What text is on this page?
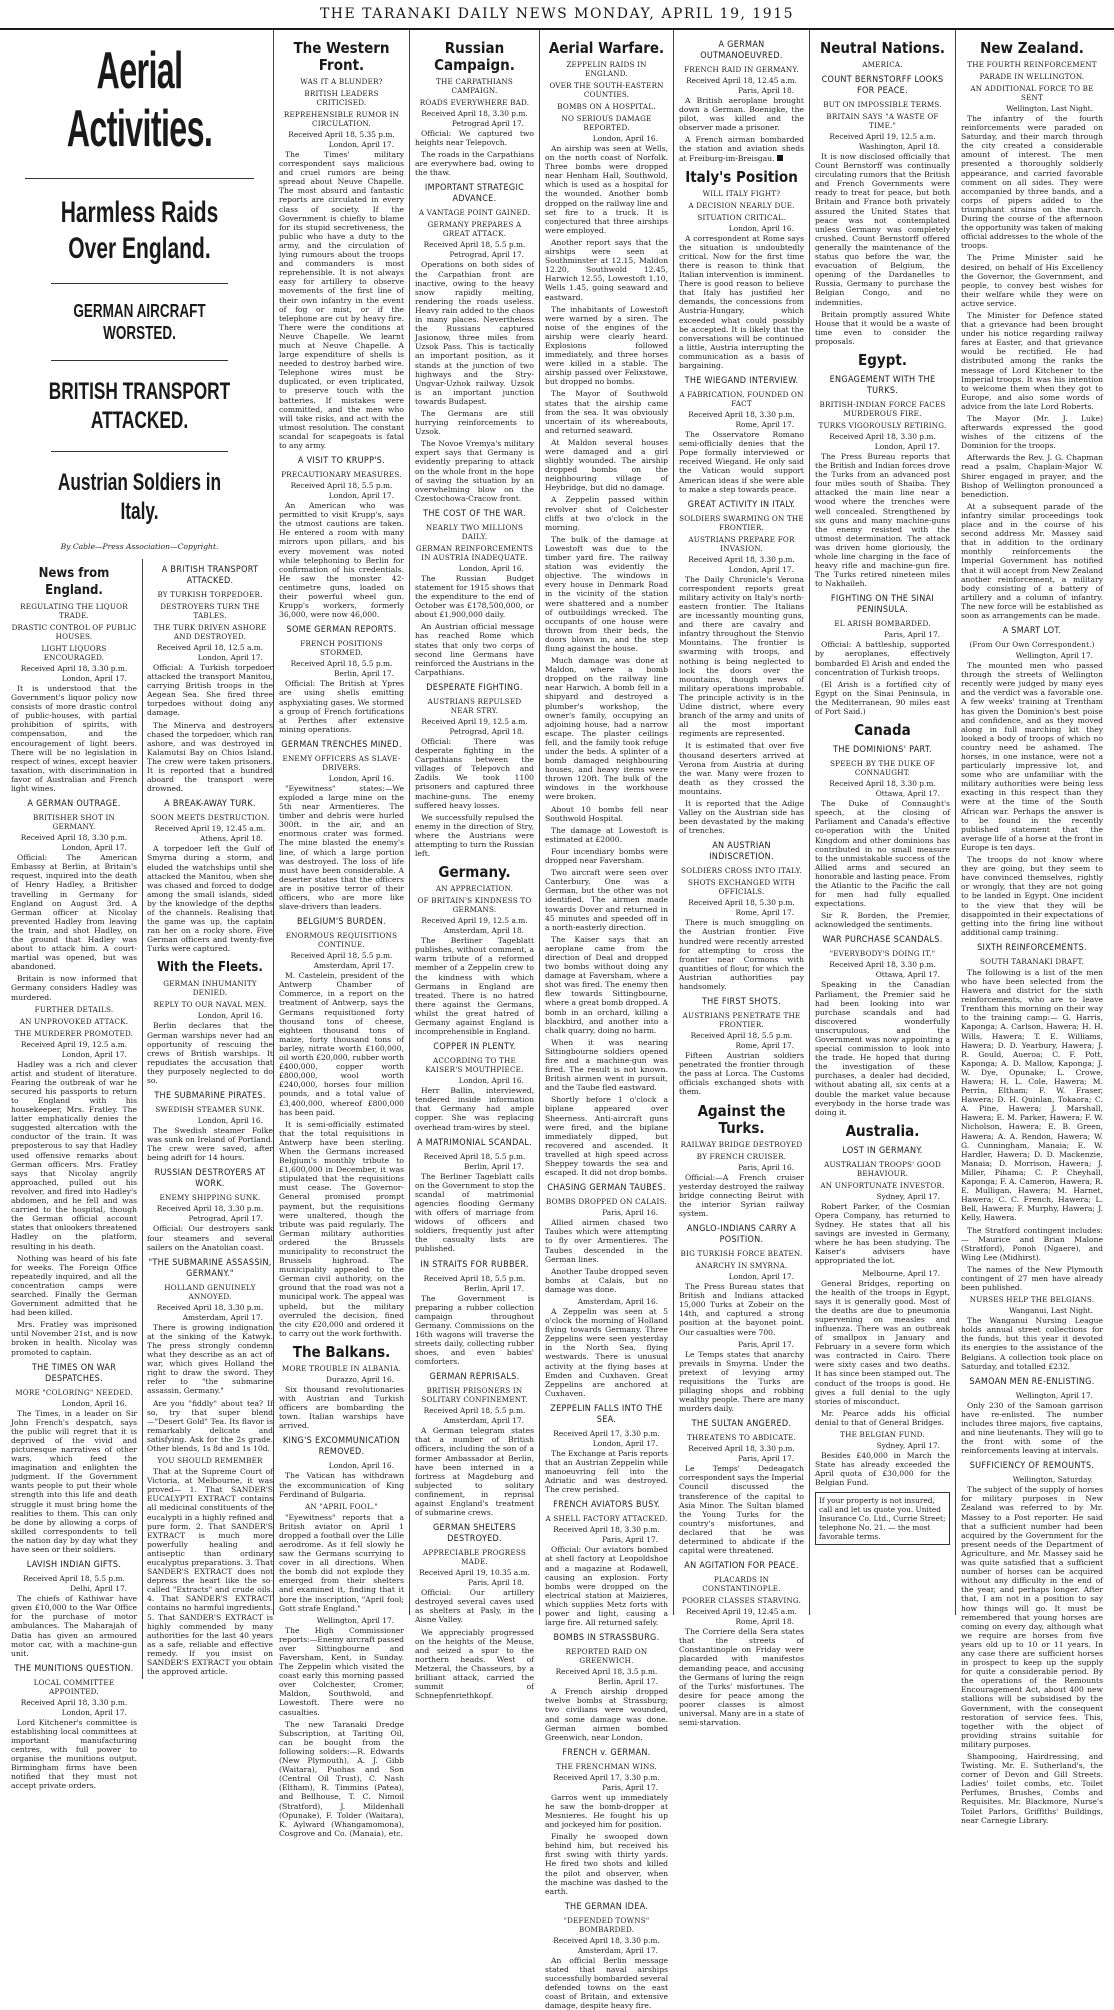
THE TARANAKI DAILY NEWS MONDAY, APRIL 19, 1915
Aerial Activities.
Harmless Raids Over England.
GERMAN AIRCRAFT WORSTED.
BRITISH TRANSPORT ATTACKED.
Austrian Soldiers in Italy.
By Cable—Press Association—Copyright.
News from England.
REGULATING THE LIQUOR TRADE.
DRASTIC CONTROL OF PUBLIC HOUSES.
LIGHT LIQUORS ENCOURAGED.
Received April 18, 3.30 p.m.
London, April 17.

It is understood that the Government's liquor policy now consists of more drastic control of public-houses, with partial prohibition of spirits, with compensation, and the encouragement of light beers. There will be no legislation in respect of wines, except heavier taxation, with discrimination in favor of Australian and French light wines.

A GERMAN OUTRAGE.
BRITISHER SHOT IN GERMANY.
Received April 18, 3.30 p.m.
London, April 17.

Official: The American Embassy at Berlin, at Britain's request, inquired into the death of Henry Hadley, a Britisher travelling in Germany for England on August 3rd. A German officer at Nicolay prevented Hadley from leaving the train, and shot Hadley, on the ground that Hadley was about to attack him. A court-martial was opened, but was abandoned.

Britain is now informed that Germany considers Hadley was murdered.

FURTHER DETAILS.
AN UNPROVOKED ATTACK.
THE MURDERER PROMOTED.
Received April 19, 12.5 a.m.
London, April 17.

Hadley was a rich and clever artist and student of literature. Fearing the outbreak of war he secured his passports to return to England with his housekeeper, Mrs. Fratley. The latter emphatically denies the suggested altercation with the conductor of the train. It was preposterous to say that Hadley used offensive remarks about German officers. Mrs. Fratley says that Nicolay angrily approached, pulled out his revolver, and fired into Hadley's abdomen, and he fell and was carried to the hospital, though the German official account states that onlookers threatened Hadley on the platform, resulting in his death.

Nothing was heard of his fate for weeks. The Foreign Office repeatedly inquired, and all the concentration camps were searched. Finally the German Government admitted that he had been killed.

Mrs. Fratley was imprisoned until November 21st, and is now broken in health. Nicolay was promoted to captain.

THE TIMES ON WAR DESPATCHES.
MORE "COLORING" NEEDED.
London, April 16.

The Times, in a leader on Sir John French's despatch, says the public will regret that it is deprived of the vivid and picturesque narratives of other wars, which feed the imagination and enlighten the judgment. If the Government wants people to put their whole strength into this life and death struggle it must bring home the realities to them. This can only be done by allowing a corps of skilled correspondents to tell the nation day by day what they have seen or their soldiers.

LAVISH INDIAN GIFTS.
Received April 18, 5.5 p.m.
Delhi, April 17.

The chiefs of Kathiwar have given £10,000 to the War Office for the purchase of motor ambulances. The Maharajah of Datia has given an armoured motor car, with a machine-gun unit.

THE MUNITIONS QUESTION.
LOCAL COMMITTEE APPOINTED.
Received April 18, 3.30 p.m.
London, April 17.

Lord Kitchener's committee is establishing local committees at important manufacturing centres, with full power to organise the munitions output. Birmingham firms have been notified that they must not accept private orders.

A BRITISH TRANSPORT ATTACKED.
BY TURKISH TORPEDOER.
DESTROYERS TURN THE TABLES.
THE TURK DRIVEN ASHORE AND DESTROYED.
Received April 18, 12.5 a.m.
London, April 17.

Official: A Turkish torpedoer attacked the transport Manitou, carrying British troops in the Aegean Sea. She fired three torpedoes without doing any damage.

The Minerva and destroyers chased the torpedoer, which ran ashore, and was destroyed in Kalamutsi Bay on Chios Island. The crew were taken prisoners. It is reported that a hundred aboard the transport were drowned.

A BREAK-AWAY TURK.
SOON MEETS DESTRUCTION.
Received April 19, 12.45 a.m.
Athens, April 18.

A torpedoer left the Gulf of Smyrna during a storm, and eluded the watchships until she attacked the Manitou, when she was chased and forced to dodge among the small islands, sided by the knowledge of the depths of the channels. Realising that the game was up, the captain ran her on a rocky shore. Five German officers and twenty-five Turks were captured.

With the Fleets.
GERMAN INHUMANITY DENIED.
REPLY TO OUR NAVAL MEN.
London, April 16.

Berlin declares that the German warships never had an opportunity of rescuing the crews of British warships. It repudiates the accusation that they purposely neglected to do so.

THE SUBMARINE PIRATES.
SWEDISH STEAMER SUNK.
London, April 16.

The Swedish steamer Folke was sunk on Ireland of Portland. The crew were saved, after being adrift for 14 hours.

RUSSIAN DESTROYERS AT WORK.
ENEMY SHIPPING SUNK.
Received April 18, 3.30 p.m.
Petrograd, April 17.

Official: Our destroyers sank four steamers and several sailers on the Anatolian coast.

"THE SUBMARINE ASSASSIN, GERMANY."
HOLLAND GENUINELY ANNOYED.
Received April 18, 3.30 p.m.
Amsterdam, April 17.

There is growing indignation at the sinking of the Katwyk. The press strongly condemn what they describe as an act of war, which gives Holland the right to draw the sword. They refer to "the submarine assassin, Germany."

Are you "fiddly" about tea? If so, try that super blend—"Desert Gold" Tea. Its flavor is remarkably delicate and satisfying. Ask for the 2s grade. Other blends, 1s 8d and 1s 10d.

YOU SHOULD REMEMBER

That at the Supreme Court of Victoria, at Melbourne, it was proved— 1. That SANDER'S EUCALYPTI EXTRACT contains all medicinal constituents of the eucalypti in a highly refined and pure form. 2. That SANDER'S EXTRACT is much more powerfully healing and antiseptic than ordinary eucalyptus preparations. 3. That SANDER'S EXTRACT does not depress the heart like the so-called "Extracts" and crude oils. 4. That SANDER'S EXTRACT contains no harmful ingredients. 5. That SANDER'S EXTRACT is highly commended by many authorities for the last 40 years as a safe, reliable and effective remedy. If you insist on SANDER'S EXTRACT you obtain the approved article.

The Western Front.
WAS IT A BLUNDER?
BRITISH LEADERS CRITICISED.
REPREHENSIBLE RUMOR IN CIRCULATION.
Received April 18, 5.35 p.m.
London, April 17.

The Times' military correspondent says malicious and cruel rumors are being spread about Neuve Chapelle. The most absurd and fantastic reports are circulated in every class of society. If the Government is chiefly to blame for its stupid secretiveness, the public who have a duty to the army, and the circulation of lying rumours about the troops and commanders is most reprehensible. It is not always easy for artillery to observe movements of the first line of their own infantry in the event of fog or mist, or if the telephone are cut by heavy fire. There were the conditions at Neuve Chapelle. We learnt much at Neuve Chapelle. A large expenditure of shells is needed to destroy barbed wire. Telephone wires must be duplicated, or even triplicated, to preserve touch with the batteries. If mistakes were committed, and the men who will take risks, and act with the utmost resolution. The constant scandal for scapegoats is fatal to any army.

A VISIT TO KRUPP'S.
PRECAUTIONARY MEASURES.
Received April 18, 5.5 p.m.
London, April 17.

An American who was permitted to visit Krupp's, says the utmost cautions are taken. He entered a room with many mirrors upon pillars, and his every movement was noted while telephoning to Berlin for confirmation of his credentials. He saw the monster 42-centimetre guns, loaded on their powerful wheel gun. Krupp's workers, formerly 36,000, were now 46,000.

SOME GERMAN REPORTS.
FRENCH POSITIONS STORMED.
Received April 18, 5.5 p.m.
Berlin, April 17.

Official: The British at Ypres are using shells emitting asphyxiating gases. We stormed a group of French fortifications at Perthes after extensive mining operations.

GERMAN TRENCHES MINED.
ENEMY OFFICERS AS SLAVE-DRIVERS.
London, April 16.

"Eyewitness" states:—We exploded a large mine on the 5th near Armentieres. The timber and debris were hurled 300ft. in the air, and an enormous crater was formed. The mine blasted the enemy's line, of which a large portion was destroyed. The loss of life must have been considerable. A deserter states that the officers are in positive terror of their officers, who are more like slave-drivers than leaders.

BELGIUM'S BURDEN.
ENORMOUS REQUISITIONS CONTINUE.
Received April 18, 5.5 p.m.
Amsterdam, April 17.

M. Castelein, president of the Antwerp Chamber of Commerce, in a report on the treatment of Antwerp, says the Germans requisitioned forty thousand tons of cheese, eighteen thousand tons of maize, forty thousand tons of barley, nitrate worth £160,000, oil worth £20,000, rubber worth £400,000, copper worth £800,000, wool worth £240,000, horses four million pounds, and a total value of £3,400,000, whereof £800,000 has been paid.

It is semi-officially estimated that the total requisitions in Antwerp have been sterling. When the Germans increased Belgium's monthly tribute to £1,600,000 in December, it was stipulated that the requisitions must cease. The Governor-General promised prompt payment, but the requisitions were unaltered, though the tribute was paid regularly. The German military authorities ordered the Brussels municipality to reconstruct the Brussels highroad. The municipality appealed to the German civil authority, on the ground that the road was not a municipal work. The appeal was upheld, but the military overruled the decision, fined the city £20,000 and ordered it to carry out the work forthwith.

The Balkans.
MORE TROUBLE IN ALBANIA.
Durazzo, April 16.

Six thousand revolutionaries with Austrian and Turkish officers are bombarding the town. Italian warships have arrived.

KING'S EXCOMMUNICATION REMOVED.
London, April 16.

The Vatican has withdrawn the excommunication of King Ferdinand of Bulgaria.

AN "APRIL FOOL."

"Eyewitness" reports that a British aviator on April 1 dropped a football over the Lille aerodrome. As it fell slowly he saw the Germans scurrying to cover in all directions. When the bomb did not explode they emerged from their shelters and examined it, finding that it bore the inscription, "April fool; Gott strafe England."

Wellington, April 17.

The High Commissioner reports:—Enemy aircraft passed over Sittingbourne and Faversham, Kent, in Sunday. The Zeppelin which visited the coast early this morning passed over Colchester, Cromer, Maldon, Southwold, and Lowestoft. There were no casualties.

The new Taranaki Dredge Subscription, at Tariting Oil, can be bought from the following solders:—R. Edwards (New Plymouth), A. J. Gibb (Waitara), Puohas and Son (Central Oil Trust), C. Nash (Eltham), R. Timmins (Patea), and Bellhouse, T. C. Nimoil (Stratford), J. Mildenhall (Opunake), F. Tolder (Waitara), K. Aylward (Whangamomona), Cosgrove and Co. (Manaia), etc.

Russian Campaign.
THE CARPATHIANS CAMPAIGN.
ROADS EVERYWHERE BAD.
Received April 18, 3.30 p.m.
Petrograd April 17.

Official: We captured two heights near Telepovch.

The roads in the Carpathians are everywhere bad, owing to the thaw.

IMPORTANT STRATEGIC ADVANCE.
A VANTAGE POINT GAINED.
GERMANY PREPARES A GREAT ATTACK.
Received April 18, 5.5 p.m.
Petrograd, April 17.

Operations on both sides of the Carpathian front are inactive, owing to the heavy snow rapidly melting, rendering the roads useless. Heavy rain added to the chaos in many places. Nevertheless the Russians captured Jasionow, three miles from Uzsok Pass. This is tactically an important position, as it stands at the junction of two highways and the Stry-Ungvar-Uzhok railway. Uzsok is an important junction towards Budapest.

The Germans are still hurrying reinforcements to Uzsok.

The Novoe Vremya's military expert says that Germany is evidently preparing to attack on the whole front in the hope of saving the situation by an overwhelming blow on the Czestochowa-Cracow front.

THE COST OF THE WAR.
NEARLY TWO MILLIONS DAILY.
GERMAN REINFORCEMENTS IN AUSTRIA INADEQUATE.
London, April 16.

The Russian Budget statement for 1915 shows that the expenditure to the end of October was £178,500,000, or about £1,900,000 daily.

An Austrian official message has reached Rome which states that only two corps of second line Germans have reinforced the Austrians in the Carpathians.

DESPERATE FIGHTING.
AUSTRIANS REPULSED NEAR STRY.
Received April 19, 12.5 a.m.
Petrograd, April 18.

Official: There was desperate fighting in the Carpathians between the villages of Telepovch and Zadils. We took 1100 prisoners and captured three machine-guns. The enemy suffered heavy losses.

We successfully repulsed the enemy in the direction of Stry, where the Austrians were attempting to turn the Russian left.

Germany.
AN APPRECIATION.
OF BRITAIN'S KINDNESS TO GERMANS.
Received April 19, 12.5 a.m.
Amsterdam, April 18.

The Berliner Tageblatt publishes, without comment, a warm tribute of a reformed member of a Zeppelin crew to the kindness with which Germans in England are treated. There is no hatred there against the Germans, whilst the great hatred of Germany against England is incomprehensible in England.

COPPER IN PLENTY.
ACCORDING TO THE KAISER'S MOUTHPIECE.
London, April 16.

Herr Ballin, interviewed, tendered inside information that Germany had ample copper. She was replacing overhead tram-wires by steel.

A MATRIMONIAL SCANDAL.
Received April 18, 5.5 p.m.
Berlin, April 17.

The Berliner Tageblatt calls on the Government to stop the scandal of matrimonial agencies flooding Germany with offers of marriage from widows of officers and soldiers, frequently just after the casualty lists are published.

IN STRAITS FOR RUBBER.
Received April 18, 5.5 p.m.
Berlin, April 17.

The Government is preparing a rubber collection campaign throughout Germany. Commissions on the 16th wagons will traverse the streets daily, collecting rubber shoes, and even babies' comforters.

GERMAN REPRISALS.
BRITISH PRISONERS IN SOLITARY CONFINEMENT.
Received April 18, 5.5 p.m.
Amsterdam, April 17.

A German telegram states that a number of British officers, including the son of a former Ambassador at Berlin, have been interned in a fortress at Magdeburg and subjected to solitary confinement, in reprisal against England's treatment of submarine crews.

GERMAN SHELTERS DESTROYED.
APPRECIABLE PROGRESS MADE.
Received April 19, 10.35 a.m.
Paris, April 18.

Official: Our artillery destroyed several caves used as shelters at Pasly, in the Aisne Valley.

We appreciably progressed on the heights of the Meuse, and seized a spur to the northern heads. West of Metzeral, the Chasseurs, by a brilliant attack, carried the summit of Schnepfenriethkopf.

Aerial Warfare.
ZEPPELIN RAIDS IN ENGLAND.
OVER THE SOUTH-EASTERN COUNTIES.
BOMBS ON A HOSPITAL.
NO SERIOUS DAMAGE REPORTED.
London, April 16.

An airship was seen at Wells, on the north coast of Norfolk. Three bombs were dropped near Henham Hall, Southwold, which is used as a hospital for the wounded. Another bomb dropped on the railway line and set fire to a truck. It is conjectured that three airships were employed.

Another report says that the airships were seen at Southminster at 12.15, Maldon 12.20, Southwold 12.45, Harwich 12.55, Lowestoft 1.10, Wells 1.45, going seaward and eastward.

The inhabitants of Lowestoft were warned by a siren. The noise of the engines of the airship were clearly heard. Explosions followed immediately, and three horses were killed in a stable. The airship passed over Felixstowe, but dropped no bombs.

The Mayor of Southwold states that the airship came from the sea. It was obviously uncertain of its whereabouts, and returned seaward.

At Maldon several houses were damaged and a girl slightly wounded. The airship dropped bombs on the neighbouring village of Heybridge, but did no damage.

A Zeppelin passed within revolver shot of Colchester cliffs at two o'clock in the morning.

The bulk of the damage at Lowestoft was due to the timber yard fire. The railway station was evidently the objective. The windows in every house in Denmark Road in the vicinity of the station were shattered and a number of outbuildings wrecked. The occupants of one house were thrown from their beds, the doors blown in, and the step flung against the house.

Much damage was done at Maldon, where a bomb dropped on the railway line near Harwich. A bomb fell in a shipyard and destroyed a plumber's workshop, the owner's family, occupying an adjoining house, had a narrow escape. The plaster ceilings fell, and the family took refuge under the beds. A splinter of a bomb damaged neighbouring houses, and heavy items were thrown 120ft. The bulk of the windows in the workhouse were broken.

About 10 bombs fell near Southwold Hospital.

The damage at Lowestoft is estimated at £2000.

Four incendiary bombs were dropped near Faversham.

Two aircraft were seen over Canterbury. One was a German, but the other was not identified. The airmen made towards Dover and returned in 45 minutes and speeded off in a north-easterly direction.

The Kaiser says that an aeroplane came from the direction of Deal and dropped two bombs without doing any damage at Faversham, where a shot was fired. The enemy then flew towards Sittingbourne, where a great bomb dropped. A bomb in an orchard, killing a blackbird, and another into a chalk quarry, doing no harm.

When it was nearing Sittingbourne soldiers opened fire and a machine-gun was fired. The result is not known. British airmen went in pursuit, and the Taube fled eastward.

Shortly before 1 o'clock a biplane appeared over Sheerness. Anti-aircraft guns were fired, and the biplane immediately dipped, but recovered and ascended. It travelled at high speed across Sheppey towards the sea and escaped. It did not drop bombs.

CHASING GERMAN TAUBES.
BOMBS DROPPED ON CALAIS.
Paris, April 16.

Allied airmen chased two Taubes which were attempting to fly over Armentieres. The Taubes descended in the German lines.

Another Taube dropped seven bombs at Calais, but no damage was done.

Amsterdam, April 16.

A Zeppelin was seen at 5 o'clock the morning of Holland flying towards Germany. Three Zeppelins were seen yesterday in the North Sea, flying westwards. There is unusual activity at the flying bases at Emden and Cuxhaven. Great Zeppelins are anchored at Cuxhaven.

ZEPPELIN FALLS INTO THE SEA.
Received April 17, 3.30 p.m.
London, April 17.

The Exchange at Paris reports that an Austrian Zeppelin while manoeuvring fell into the Adriatic and was destroyed. The crew perished.

FRENCH AVIATORS BUSY.
A SHELL FACTORY ATTACKED.
Received April 18, 3.30 p.m.
Paris, April 17.

Official: Our aviators bombed at shell factory at Leopoldshoe and a magazine at Rodawell, causing an explosion. Forty bombs were dropped on the electrical station at Maizieres, which supplies Metz forts with power and light, causing a large fire. All returned safely.

BOMBS IN STRASSBURG.
REPORTED RAID ON GREENWICH.
Received April 18, 3.5 p.m.
Berlin, April 17.

A French airship dropped twelve bombs at Strassburg; two civilians were wounded, and some damage was done. German airmen bombed Greenwich, near London.

FRENCH v. GERMAN.
THE FRENCHMAN WINS.
Received April 17, 3.30 p.m.
Paris, April 17.

Garros went up immediately he saw the bomb-dropper at Mesnieres. He fought his up and jockeyed him for position.

Finally he swooped down behind him, but received his first swing with thirty yards. He fired two shots and killed the pilot and observer, when the machine was dashed to the earth.

THE GERMAN IDEA.
"DEFENDED TOWNS" BOMBARDED.
Received April 18, 3.30 p.m.
Amsterdam, April 17.

An official Berlin message stated that naval airships successfully bombarded several defended towns on the east coast of Britain, and extensive damage, despite heavy fire.

A GERMAN OUTMANOEUVRED.
FRENCH RAID IN GERMANY.
Received April 18, 12.45 a.m.
Paris, April 18.

A British aeroplane brought down a German. Boenigke, the pilot, was killed and the observer made a prisoner.

A French airman bombarded the station and aviation sheds at Freiburg-im-Breisgau.

Italy's Position
WILL ITALY FIGHT?
A DECISION NEARLY DUE.
SITUATION CRITICAL.
London, April 16.

A correspondent at Rome says the situation is undoubtedly critical. Now for the first time there is reason to think that Italian intervention is imminent. There is good reason to believe that Italy has justified her demands, the concessions from Austria-Hungary, which exceeded what could possibly be accepted. It is likely that the conversations will be continued a little, Austria interrupting the communication as a basis of bargaining.

THE WIEGAND INTERVIEW.
A FABRICATION, FOUNDED ON FACT
Received April 18, 3.30 p.m.
Rome, April 17.

The Osservatore Romano semi-officially denies that the Pope formally interviewed or received Wiegand. He only said the Vatican would support American ideas if she were able to make a step towards peace.

GREAT ACTIVITY IN ITALY.
SOLDIERS SWARMING ON THE FRONTIER.
AUSTRIANS PREPARE FOR INVASION.
Received April 18, 3.30 p.m.
London, April 17.

The Daily Chronicle's Verona correspondent reports great military activity on Italy's north-eastern frontier. The Italians are incessantly mounting guns, and there are cavalry and infantry throughout the Stenvio Mountains. The frontier is swarming with troops, and nothing is being neglected to lock the doors over the mountains, though news of military operations improbable. The principle activity is in the Udine district, where every branch of the army and units of all the most important regiments are represented.

It is estimated that over five thousand deserters arrived at Verona from Austria at during the war. Many were frozen to death as they crossed the mountains.

It is reported that the Adige Valley on the Austrian side has been devastated by the making of trenches.

AN AUSTRIAN INDISCRETION.
SOLDIERS CROSS INTO ITALY.
SHOTS EXCHANGED WITH OFFICIALS.
Received April 18, 5.30 p.m.
Rome, April 17.

There is much smuggling on the Austrian frontier. Five hundred were recently arrested for attempting to cross the frontier near Cormons with quantities of flour, for which the Austrian authorities pay handsomely.

THE FIRST SHOTS.
AUSTRIANS PENETRATE THE FRONTIER.
Received April 18, 5.5 p.m.
Rome, April 17.

Fifteen Austrian soldiers penetrated the frontier through the pass at Lorca. The Customs officials exchanged shots with them.

Against the Turks.
RAILWAY BRIDGE DESTROYED
BY FRENCH CRUISER.
Paris, April 16.

Official:—A French cruiser yesterday destroyed the railway bridge connecting Beirut with the interior Syrian railway system.

ANGLO-INDIANS CARRY A POSITION.
BIG TURKISH FORCE BEATEN.
ANARCHY IN SMYRNA.
London, April 17.

The Press Bureau states that British and Indians attacked 15,000 Turks at Zobeir on the 14th, and captured a strong position at the bayonet point. Our casualties were 700.

Paris, April 17.

Le Temps states that anarchy prevails in Smyrna. Under the pretext of levying army requisitions the Turks are pillaging shops and robbing wealthy people. There are many murders daily.

THE SULTAN ANGERED.
THREATENS TO ABDICATE.
Received April 18, 3.30 p.m.
Paris, April 17.

Le Temps' Dedeagatch correspondent says the Imperial Council discussed the transference of the capital to Asia Minor. The Sultan blamed the Young Turks for the country's misfortunes, and declared that he was determined to abdicate if the capital were threatened.

AN AGITATION FOR PEACE.
PLACARDS IN CONSTANTINOPLE.
POORER CLASSES STARVING.
Received April 19, 12.45 a.m.
Rome, April 18.

The Corriere della Sera states that the streets of Constantinople on Friday were placarded with manifestos demanding peace, and accusing the Germans of luring the reign of the Turks' misfortunes. The desire for peace among the poorer classes is almost universal. Many are in a state of semi-starvation.

Neutral Nations.
AMERICA.
COUNT BERNSTORFF LOOKS FOR PEACE.
BUT ON IMPOSSIBLE TERMS.
BRITAIN SAYS "A WASTE OF TIME."
Received April 19, 12.5 a.m.
Washington, April 18.

It is now disclosed officially that Count Bernstorff was continually circulating rumors that the British and French Governments were ready to treat for peace, but both Britain and France both privately assured the United States that peace was not contemplated unless Germany was completely crushed. Count Bernstorff offered generally the maintenance of the status quo before the war, the evacuation of Belgium, the opening of the Dardanelles to Russia, Germany to purchase the Belgian Congo, and no indemnities.

Britain promptly assured White House that it would be a waste of time even to consider the proposals.

Egypt.
ENGAGEMENT WITH THE TURKS.
BRITISH-INDIAN FORCE FACES MURDEROUS FIRE.
TURKS VIGOROUSLY RETIRING.
Received April 18, 3.30 p.m.
London, April 17.

The Press Bureau reports that the British and Indian forces drove the Turks from an advanced post four miles south of Shaiba. They attacked the main line near a wood where the trenches were well concealed. Strengthened by six guns and many machine-guns the enemy resisted with the utmost determination. The attack was driven home gloriously, the whole line charging in the face of heavy rifle and machine-gun fire. The Turks retired nineteen miles to Nakhaileh.

FIGHTING ON THE SINAI PENINSULA.
EL ARISH BOMBARDED.
Paris, April 17.

Official: A battleship, supported by aeroplanes, effectively bombarded El Arish and ended the concentration of Turkish troops.

(El Arish is a fortified city of Egypt on the Sinai Peninsula, in the Mediterranean, 90 miles east of Port Said.)

Canada
THE DOMINIONS' PART.
SPEECH BY THE DUKE OF CONNAUGHT.
Received April 18, 3.30 p.m.
Ottawa, April 17.

The Duke of Connaught's speech, at the closing of Parliament and Canada's effective co-operation with the United Kingdom and other dominions has contributed in no small measure to the unmistakable success of the Allied arms and secured an honorable and lasting peace. From the Atlantic to the Pacific the call for men had fully equalled expectations.

Sir R. Borden, the Premier, acknowledged the sentiments.

WAR PURCHASE SCANDALS.
"EVERYBODY'S DOING IT."
Received April 18, 3.30 p.m.
Ottawa, April 17.

Speaking in the Canadian Parliament, the Premier said he had been looking into war purchase scandals and had discovered wonderfully unscrupulous, and the Government was now appointing a special commission to look into the trade. He hoped that during the investigation of these purchases, a dealer had decided, without abating all, six cents at a double the market value because everybody in the horse trade was doing it.

Australia.
LOST IN GERMANY.
AUSTRALIAN TROOPS' GOOD BEHAVIOUR.
AN UNFORTUNATE INVESTOR.
Sydney, April 17.

Robert Parker, of the Cosmian Opera Company, has returned to Sydney. He states that all his savings are invested in Germany, where he has been studying. The Kaiser's advisers have appropriated the lot.

Melbourne, April 17.

General Bridges, reporting on the health of the troops in Egypt, says it is generally good. Most of the deaths are due to pneumonia supervening on measles and influenza. There was an outbreak of smallpox in January and February in a severe form which was contracted in Cairo. There were sixty cases and two deaths. It has since been stamped out. The conduct of the troops is good. He gives a full denial to the ugly stories of misconduct.

Mr. Pearce adds his official denial to that of General Bridges.

THE BELGIAN FUND.
Sydney, April 17.

Besides £40,000 in March the State has already exceeded the April quota of £30,000 for the Belgian Fund.

If your property is not insured, call and let us quote you. United Insurance Co. Ltd., Currie Street; telephone No. 21. — the most favorable terms.
New Zealand.
THE FOURTH REINFORCEMENT
PARADE IN WELLINGTON.
AN ADDITIONAL FORCE TO BE SENT
Wellington, Last Night.

The infantry of the fourth reinforcements were paraded on Saturday, and their march through the city created a considerable amount of interest. The men presented a thoroughly soldierly appearance, and carried favorable comment on all sides. They were accompanied by three bands, and a corps of pipers added to the triumphant strains on the march. During the course of the afternoon the opportunity was taken of making official addresses to the whole of the troops.

The Prime Minister said he desired, on behalf of His Excellency the Governor, the Government, and people, to convey best wishes for their welfare while they were on active service.

The Minister for Defence stated that a grievance had been brought under his notice regarding railway fares at Easter, and that grievance would be rectified. He had distributed among the ranks the message of Lord Kitchener to the Imperial troops. It was his intention to welcome them when they got to Europe, and also some words of advice from the late Lord Roberts.

The Mayor (Mr. J. Luke) afterwards expressed the good wishes of the citizens of the Dominion for the troops.

Afterwards the Rev. J. G. Chapman read a psalm, Chaplain-Major W. Shirer engaged in prayer, and the Bishop of Wellington pronounced a benediction.

At a subsequent parade of the infantry similar proceedings took place and in the course of his second address Mr. Massey said that in addition to the ordinary monthly reinforcements the Imperial Government has notified that it will accept from New Zealand another reinforcement, a military body consisting of a battery of artillery and a column of infantry. The new force will be established as soon as arrangements can be made.

A SMART LOT.
(From Our Own Correspondent.)
Wellington, April 17.

The mounted men who passed through the streets of Wellington recently were judged by many eyes and the verdict was a favorable one. A few weeks' training at Trentham has given the Dominion's best poise and confidence, and as they moved along in full marching kit they looked a body of troops of which no country need be ashamed. The horses, in one instance, were not a particularly impressive lot, and some who are unfamiliar with the military authorities were being less exacting in this respect than they were at the time of the South African war. Perhaps the answer is to be found in the recently published statement that the average life of a horse at the front in Europe is ten days.

The troops do not know where they are going, but they seem to have convinced themselves, rightly or wrongly, that they are not going to be landed in Egypt. One incident to the view that they will be disappointed in their expectations of getting into the firing line without additional camp training.

SIXTH REINFORCEMENTS.
SOUTH TARANAKI DRAFT.

The following is a list of the men who have been selected from the Hawera and district for the sixth reinforcements, who are to leave Trentham this morning on their way to the training camp:— G. Harris, Kaponga; A. Carlson, Hawera; H. H. Wills, Hawera; T. E. Williams, Hawera; D. D. Yearbury, Hawera; J. R. Gould, Aueroa; C. F. Pott, Kaponga; A. D. Mallow, Kaponga; J. W. Dye, Opunake; L. Crowe, Hawera; H. L. Cole, Hawera; M. Perrin, Eltham; F. W. Fraser, Hawera; D. H. Quinlan, Tokaora; C. A. Pine, Hawera; J. Marshall, Hawera; E. M. Parker, Hawera; F. W. Nicholson, Hawera; E. B. Green, Hawera; A. A. Rendon, Hawera; W. G. Cunningham, Manaia; E. W. Hardler, Hawera; D. D. Mackenzie, Manaia; D. Morrison, Hawera; J. Miller, Pihama; C. P. Cheyhall, Kaponga; F. A. Cameron, Hawera; R. E. Mulligan, Hawera; M. Harnet, Hawera; C. C. French, Hawera; L. Bell, Hawera; F. Murphy, Hawera; J. Kelly, Hawera.

The Stratford contingent includes:— Maurice and Brian Malone (Stratford), Ponoh (Ngaere), and Wing Lee (Midhirst).

The names of the New Plymouth contingent of 27 men have already been published.

NURSES HELP THE BELGIANS.
Wanganui, Last Night.

The Wanganui Nursing League holds annual street collections for the funds, but this year it devoted its energies to the assistance of the Belgians. A collection took place on Saturday, and totalled £232.

SAMOAN MEN RE-ENLISTING.
Wellington, April 17.

Only 230 of the Samoan garrison have re-enlisted. The number includes three majors, five captains, and nine lieutenants. They will go to the front with some of the reinforcements leaving at intervals.

SUFFICIENCY OF REMOUNTS.
Wellington, Saturday.

The subject of the supply of horses for military purposes in New Zealand was referred to by Mr. Massey to a Post reporter. He said that a sufficient number had been acquired by the Government for the present needs of the Department of Agriculture, and Mr. Massey said he was quite satisfied that a sufficient number of horses can be acquired without any difficulty in the end of the year, and perhaps longer. After that, I am not in a position to say how things will go. It must be remembered that young horses are coming on every day, although what we require are horses from five years old up to 10 or 11 years. In any case there are sufficient horses in prospect to keep up the supply for quite a considerable period. By the operations of the Remounts Encouragement Act, about 400 new stallions will be subsidised by the Government, with the consequent restoration of service fees. This, together with the object of providing strains suitable for military purposes.

Shampooing, Hairdressing, and Twisting. Mr. E. Sutherland's, the corner of Devon and Gill Streets. Ladies' toilet combs, etc. Toilet Perfumes, Brushes, Combs and Requisites. Mr. Blackmore, Nurse's Toilet Parlors, Griffiths' Buildings, near Carnegie Library.
